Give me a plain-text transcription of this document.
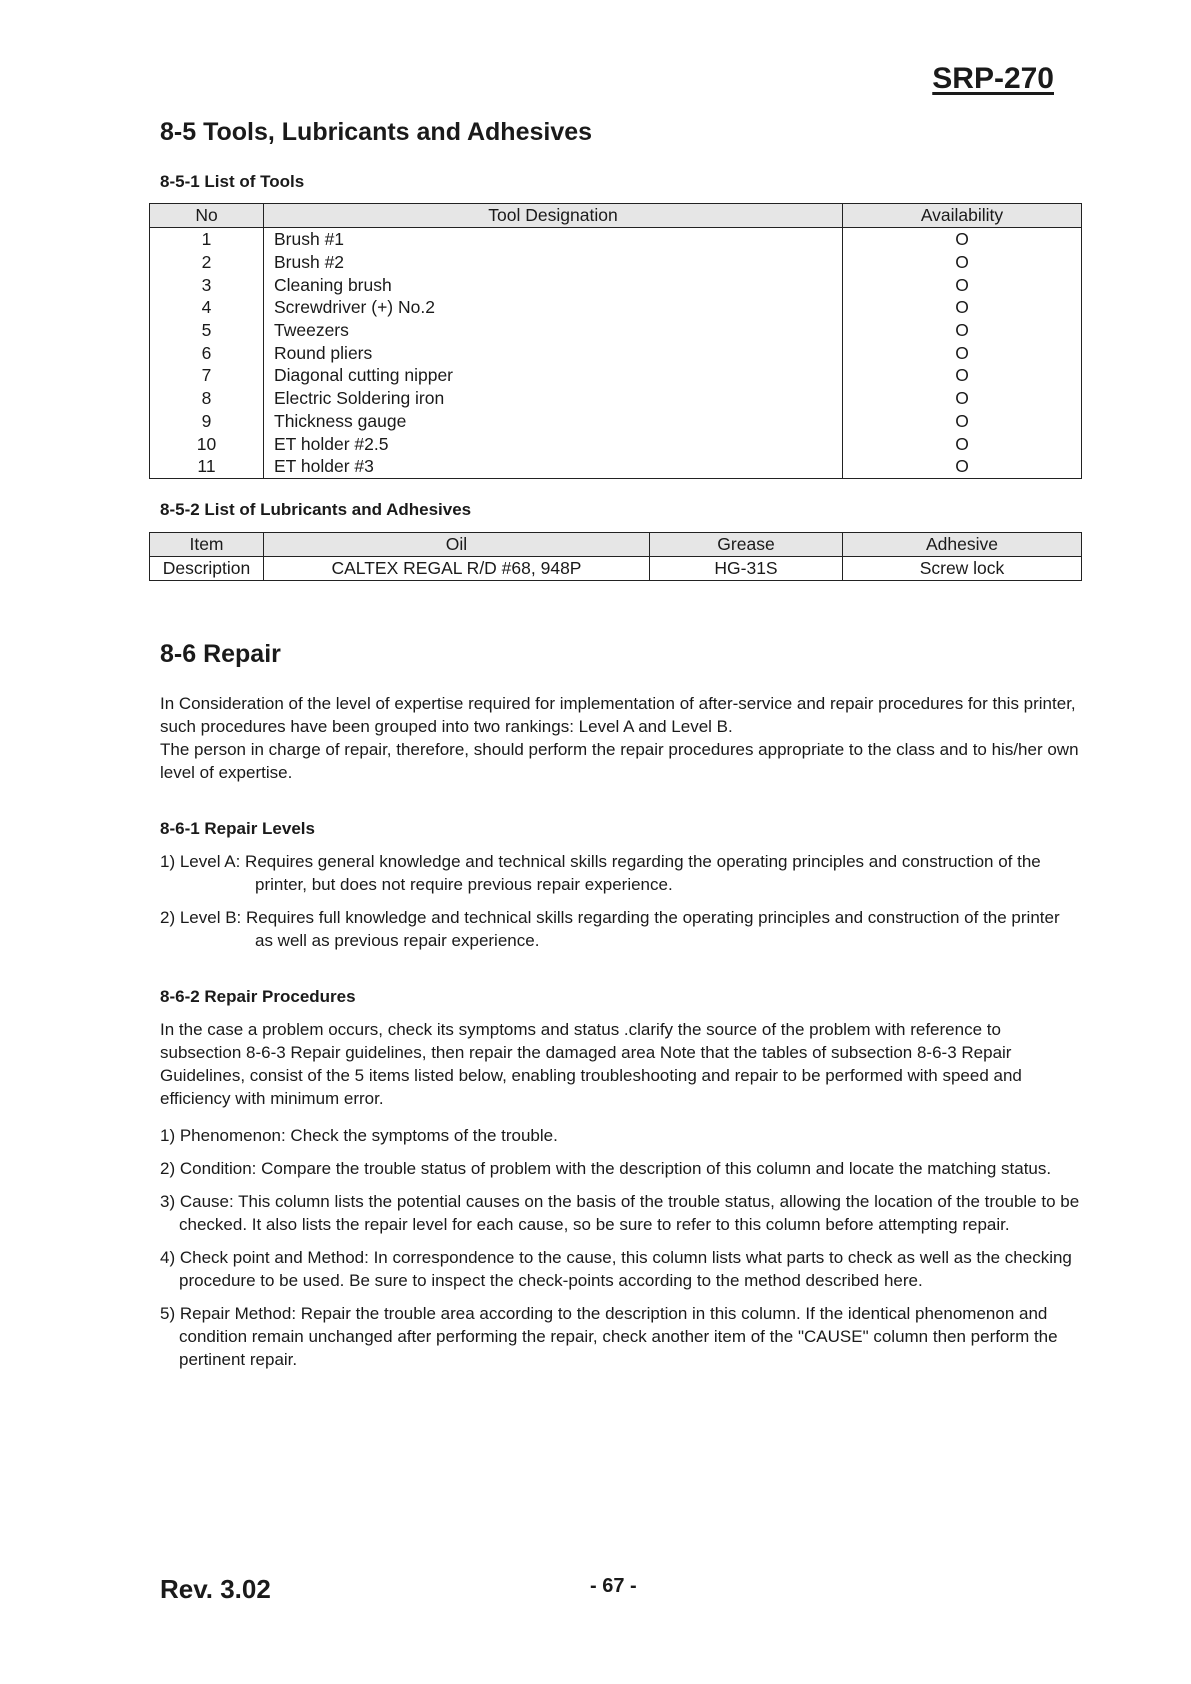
SRP-270
8-5 Tools, Lubricants and Adhesives
8-5-1 List of Tools
No	Tool Designation	Availability
1	Brush #1	O
2	Brush #2	O
3	Cleaning brush	O
4	Screwdriver (+) No.2	O
5	Tweezers	O
6	Round pliers	O
7	Diagonal cutting nipper	O
8	Electric Soldering iron	O
9	Thickness gauge	O
10	ET holder #2.5	O
11	ET holder #3	O
8-5-2 List of Lubricants and Adhesives
Item	Oil	Grease	Adhesive
Description	CALTEX REGAL R/D #68, 948P	HG-31S	Screw lock
8-6 Repair

In Consideration of the level of expertise required for implementation of after-service and repair procedures for this printer, such procedures have been grouped into two rankings: Level A and Level B.

The person in charge of repair, therefore, should perform the repair procedures appropriate to the class and to his/her own level of expertise.

8-6-1 Repair Levels
1) Level A: Requires general knowledge and technical skills regarding the operating principles and construction of the printer, but does not require previous repair experience.
2) Level B: Requires full knowledge and technical skills regarding the operating principles and construction of the printer as well as previous repair experience.
8-6-2 Repair Procedures

In the case a problem occurs, check its symptoms and status .clarify the source of the problem with reference to subsection 8-6-3 Repair guidelines, then repair the damaged area Note that the tables of subsection 8-6-3 Repair Guidelines, consist of the 5 items listed below, enabling troubleshooting and repair to be performed with speed and efficiency with minimum error.

1) Phenomenon: Check the symptoms of the trouble.
2) Condition: Compare the trouble status of problem with the description of this column and locate the matching status.
3) Cause: This column lists the potential causes on the basis of the trouble status, allowing the location of the trouble to be checked. It also lists the repair level for each cause, so be sure to refer to this column before attempting repair.
4) Check point and Method: In correspondence to the cause, this column lists what parts to check as well as the checking procedure to be used. Be sure to inspect the check-points according to the method described here.
5) Repair Method: Repair the trouble area according to the description in this column. If the identical phenomenon and condition remain unchanged after performing the repair, check another item of the "CAUSE" column then perform the pertinent repair.
Rev. 3.02	- 67 -
